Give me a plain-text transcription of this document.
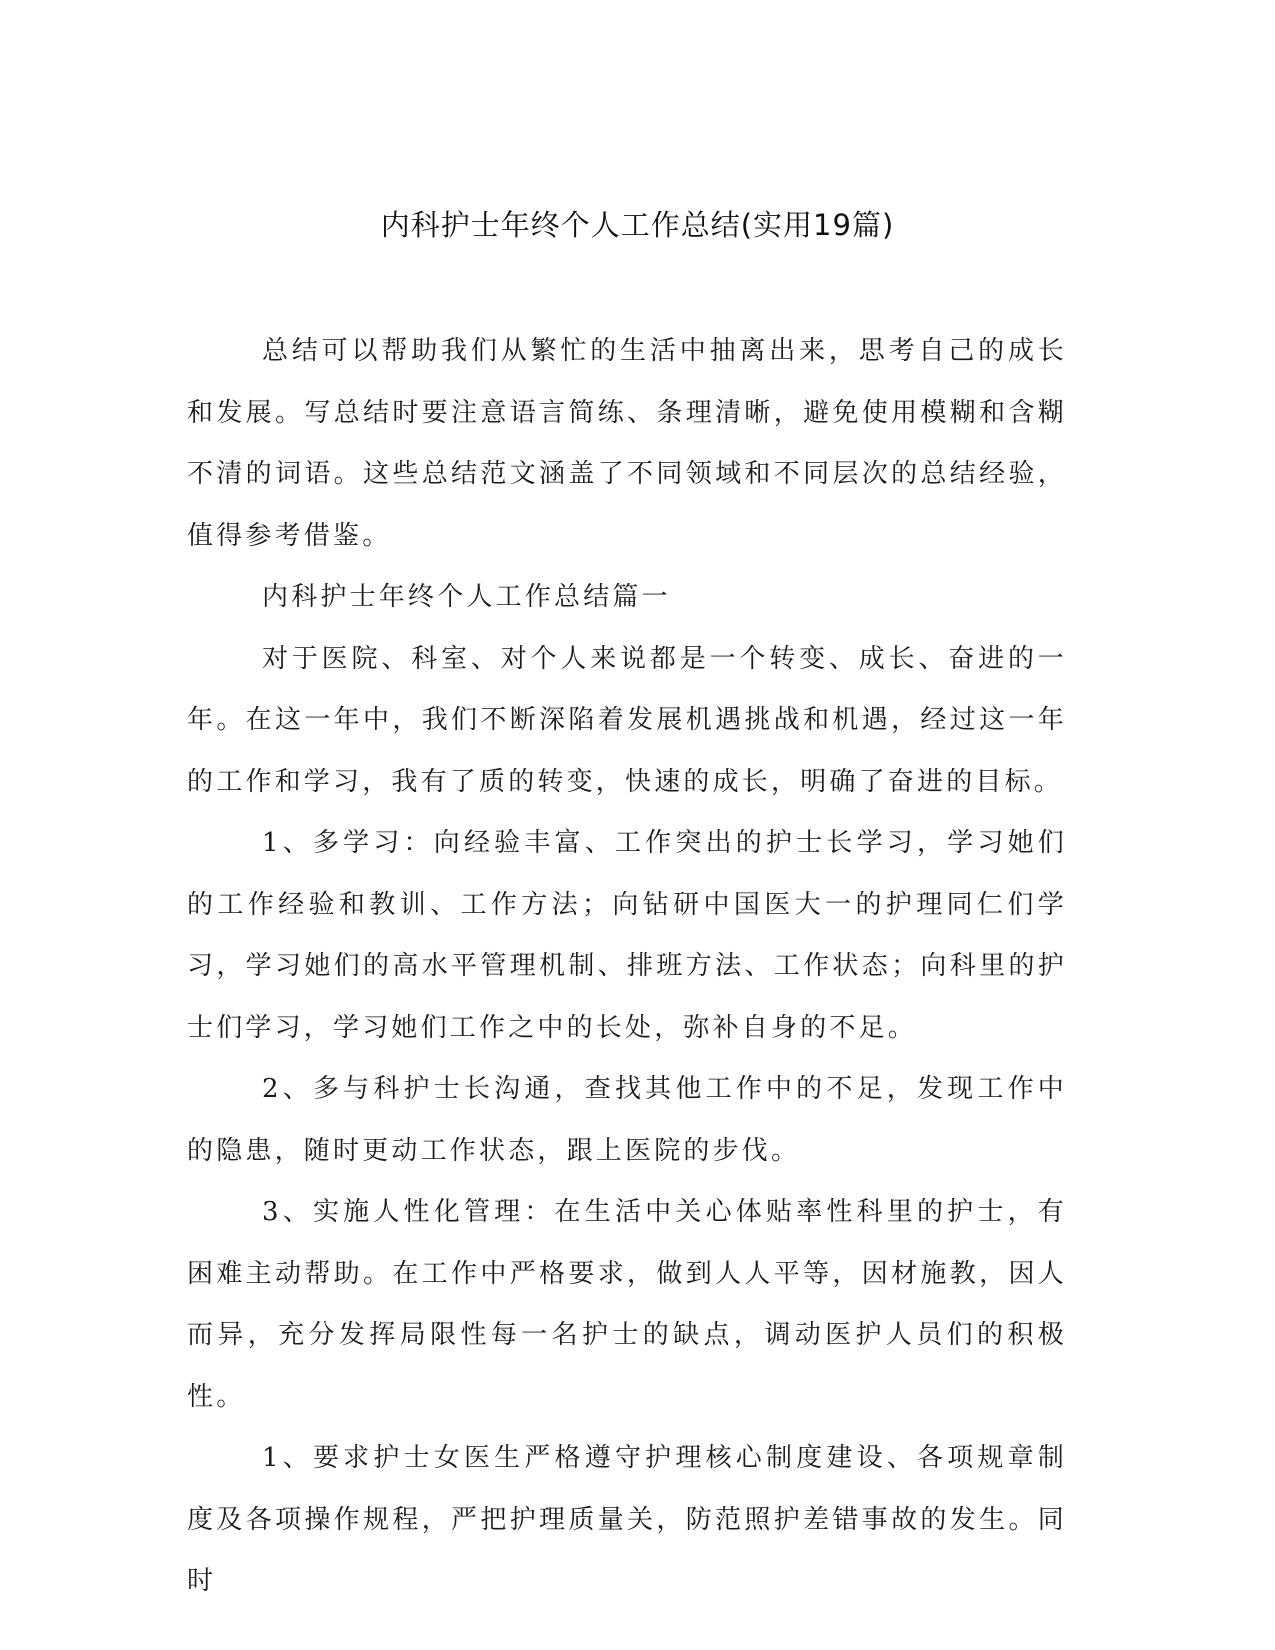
内科护士年终个人工作总结(实用19篇)

总结可以帮助我们从繁忙的生活中抽离出来，思考自己的成长和发展。写总结时要注意语言简练、条理清晰，避免使用模糊和含糊不清的词语。这些总结范文涵盖了不同领域和不同层次的总结经验，值得参考借鉴。

内科护士年终个人工作总结篇一

对于医院、科室、对个人来说都是一个转变、成长、奋进的一年。在这一年中，我们不断深陷着发展机遇挑战和机遇，经过这一年的工作和学习，我有了质的转变，快速的成长，明确了奋进的目标。

1、多学习：向经验丰富、工作突出的护士长学习，学习她们的工作经验和教训、工作方法；向钻研中国医大一的护理同仁们学习，学习她们的高水平管理机制、排班方法、工作状态；向科里的护士们学习，学习她们工作之中的长处，弥补自身的不足。

2、多与科护士长沟通，查找其他工作中的不足，发现工作中的隐患，随时更动工作状态，跟上医院的步伐。

3、实施人性化管理：在生活中关心体贴率性科里的护士，有困难主动帮助。在工作中严格要求，做到人人平等，因材施教，因人而异，充分发挥局限性每一名护士的缺点，调动医护人员们的积极性。

1、要求护士女医生严格遵守护理核心制度建设、各项规章制度及各项操作规程，严把护理质量关，防范照护差错事故的发生。同时
